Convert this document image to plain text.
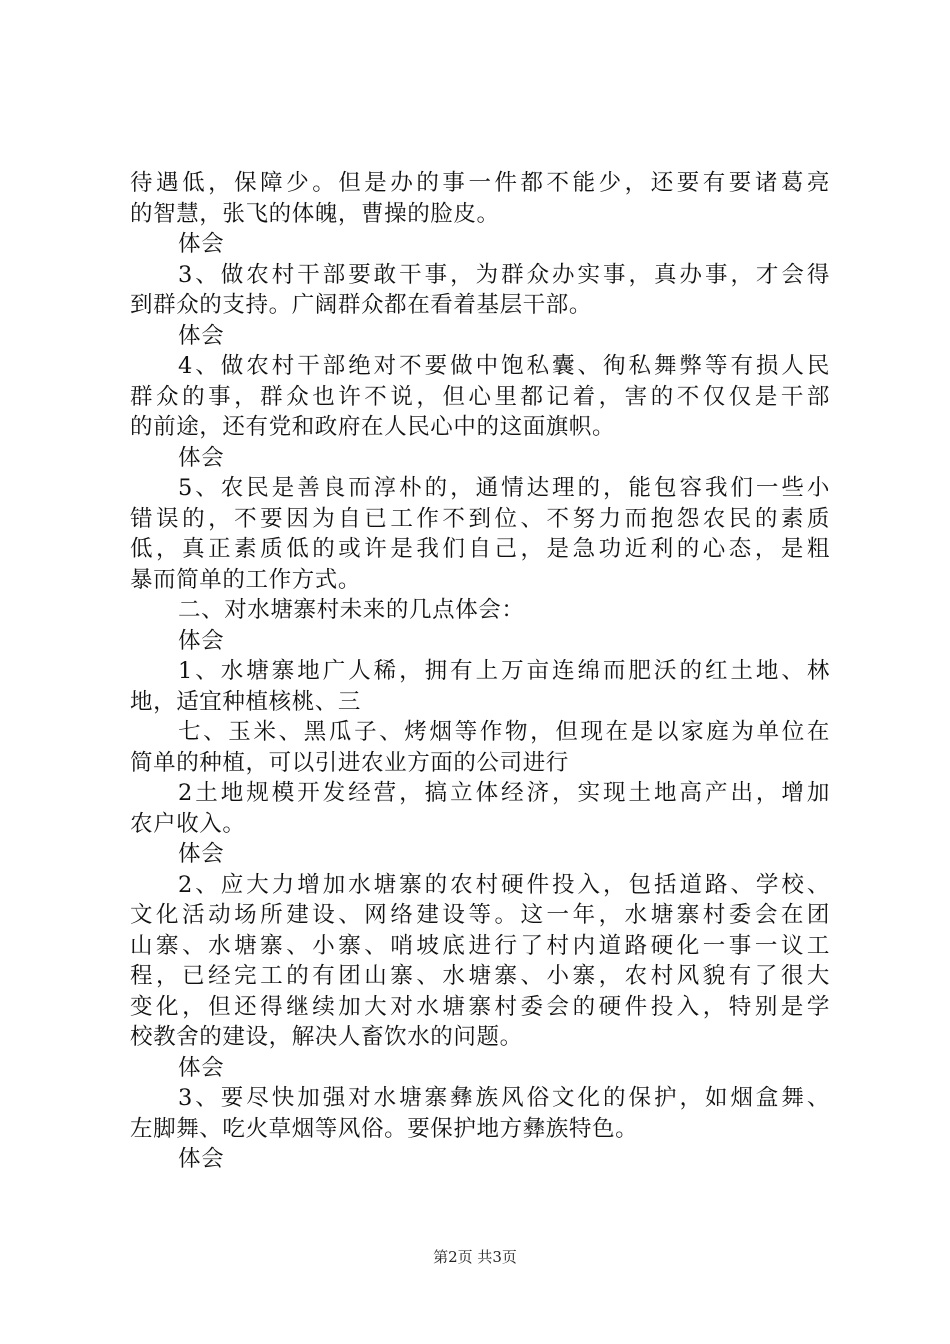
待遇低，保障少。但是办的事一件都不能少，还要有要诸葛亮
的智慧，张飞的体魄，曹操的脸皮。
体会
3、做农村干部要敢干事，为群众办实事，真办事，才会得
到群众的支持。广阔群众都在看着基层干部。
体会
4、做农村干部绝对不要做中饱私囊、徇私舞弊等有损人民
群众的事，群众也许不说，但心里都记着，害的不仅仅是干部
的前途，还有党和政府在人民心中的这面旗帜。
体会
5、农民是善良而淳朴的，通情达理的，能包容我们一些小
错误的，不要因为自已工作不到位、不努力而抱怨农民的素质
低，真正素质低的或许是我们自己，是急功近利的心态，是粗
暴而简单的工作方式。
二、对水塘寨村未来的几点体会：
体会
1、水塘寨地广人稀，拥有上万亩连绵而肥沃的红土地、林
地，适宜种植核桃、三
七、玉米、黑瓜子、烤烟等作物，但现在是以家庭为单位在
简单的种植，可以引进农业方面的公司进行
2土地规模开发经营，搞立体经济，实现土地高产出，增加
农户收入。
体会
2、应大力增加水塘寨的农村硬件投入，包括道路、学校、
文化活动场所建设、网络建设等。这一年，水塘寨村委会在团
山寨、水塘寨、小寨、哨坡底进行了村内道路硬化一事一议工
程，已经完工的有团山寨、水塘寨、小寨，农村风貌有了很大
变化，但还得继续加大对水塘寨村委会的硬件投入，特别是学
校教舍的建设，解决人畜饮水的问题。
体会
3、要尽快加强对水塘寨彝族风俗文化的保护，如烟盒舞、
左脚舞、吃火草烟等风俗。要保护地方彝族特色。
体会
第2页 共3页
